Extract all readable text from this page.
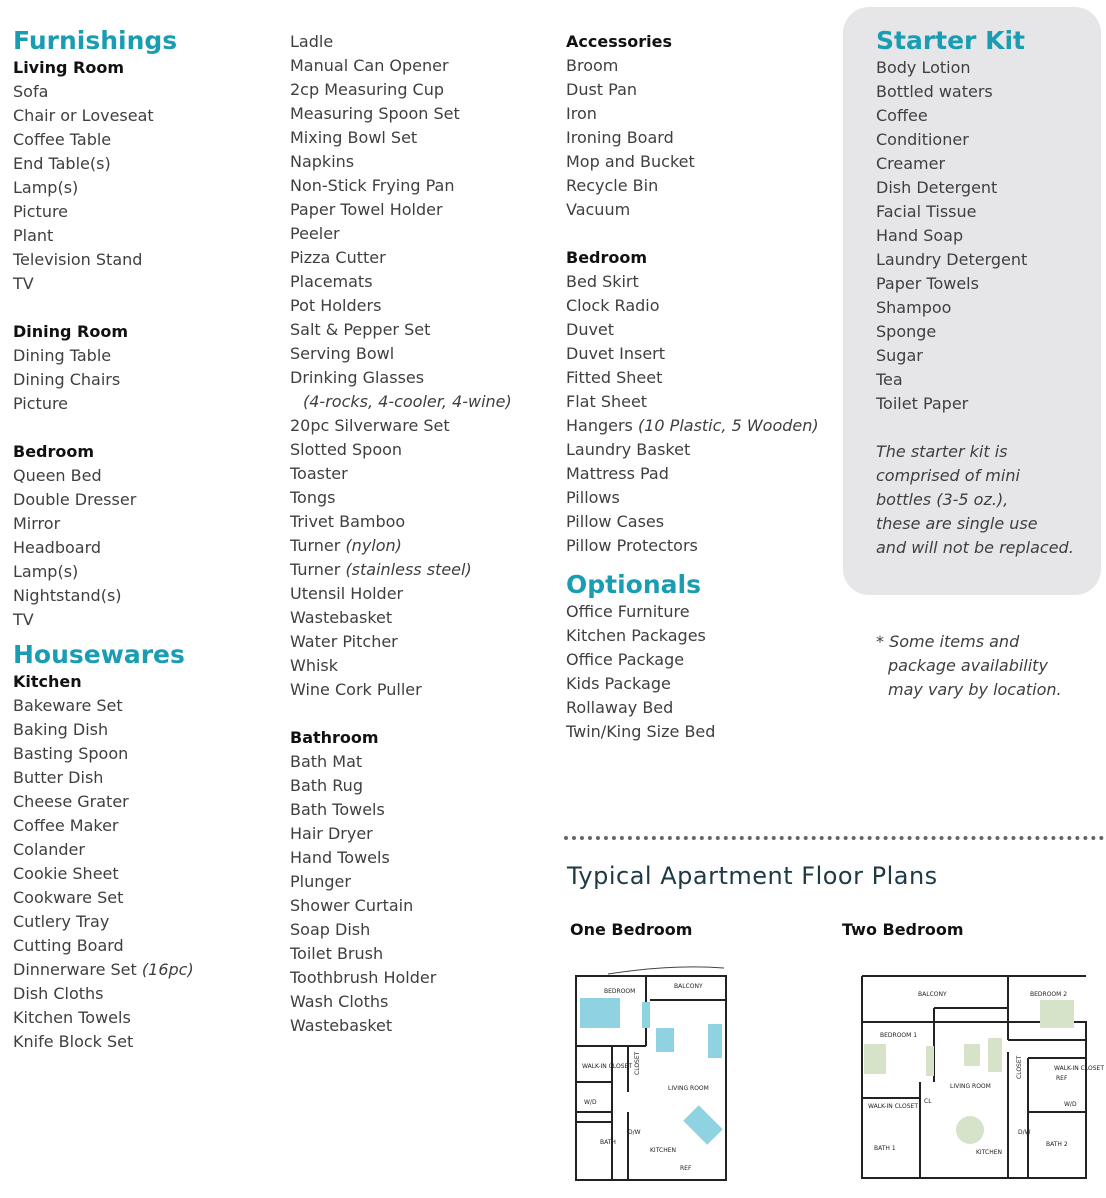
Furnishings
Living Room
Sofa
Chair or Loveseat
Coffee Table
End Table(s)
Lamp(s)
Picture
Plant
Television Stand
TV
Dining Room
Dining Table
Dining Chairs
Picture
Bedroom
Queen Bed
Double Dresser
Mirror
Headboard
Lamp(s)
Nightstand(s)
TV
Housewares
Kitchen
Bakeware Set
Baking Dish
Basting Spoon
Butter Dish
Cheese Grater
Coffee Maker
Colander
Cookie Sheet
Cookware Set
Cutlery Tray
Cutting Board
Dinnerware Set (16pc)
Dish Cloths
Kitchen Towels
Knife Block Set
Ladle
Manual Can Opener
2cp Measuring Cup
Measuring Spoon Set
Mixing Bowl Set
Napkins
Non-Stick Frying Pan
Paper Towel Holder
Peeler
Pizza Cutter
Placemats
Pot Holders
Salt & Pepper Set
Serving Bowl
Drinking Glasses
(4-rocks, 4-cooler, 4-wine)
20pc Silverware Set
Slotted Spoon
Toaster
Tongs
Trivet Bamboo
Turner (nylon)
Turner (stainless steel)
Utensil Holder
Wastebasket
Water Pitcher
Whisk
Wine Cork Puller
Bathroom
Bath Mat
Bath Rug
Bath Towels
Hair Dryer
Hand Towels
Plunger
Shower Curtain
Soap Dish
Toilet Brush
Toothbrush Holder
Wash Cloths
Wastebasket
Accessories
Broom
Dust Pan
Iron
Ironing Board
Mop and Bucket
Recycle Bin
Vacuum
Bedroom
Bed Skirt
Clock Radio
Duvet
Duvet Insert
Fitted Sheet
Flat Sheet
Hangers (10 Plastic, 5 Wooden)
Laundry Basket
Mattress Pad
Pillows
Pillow Cases
Pillow Protectors
Optionals
Office Furniture
Kitchen Packages
Office Package
Kids Package
Rollaway Bed
Twin/King Size Bed
Starter Kit
Body Lotion
Bottled waters
Coffee
Conditioner
Creamer
Dish Detergent
Facial Tissue
Hand Soap
Laundry Detergent
Paper Towels
Shampoo
Sponge
Sugar
Tea
Toilet Paper
The starter kit is
comprised of mini
bottles (3-5 oz.),
these are single use
and will not be replaced.
* Some items and
package availability
may vary by location.
Typical Apartment Floor Plans
One Bedroom	Two Bedroom
BEDROOM
BALCONY
WALK-IN CLOSET CLOSET
LIVING ROOM
W/D
D/W
BATH
KITCHEN
REF
BALCONY	BEDROOM 2
BEDROOM 1
LIVING ROOM
CLOSET	WALK-IN CLOSET
WALK-IN CLOSET
REF
CL	W/D
D/W
BATH 1
BATH 2
KITCHEN
